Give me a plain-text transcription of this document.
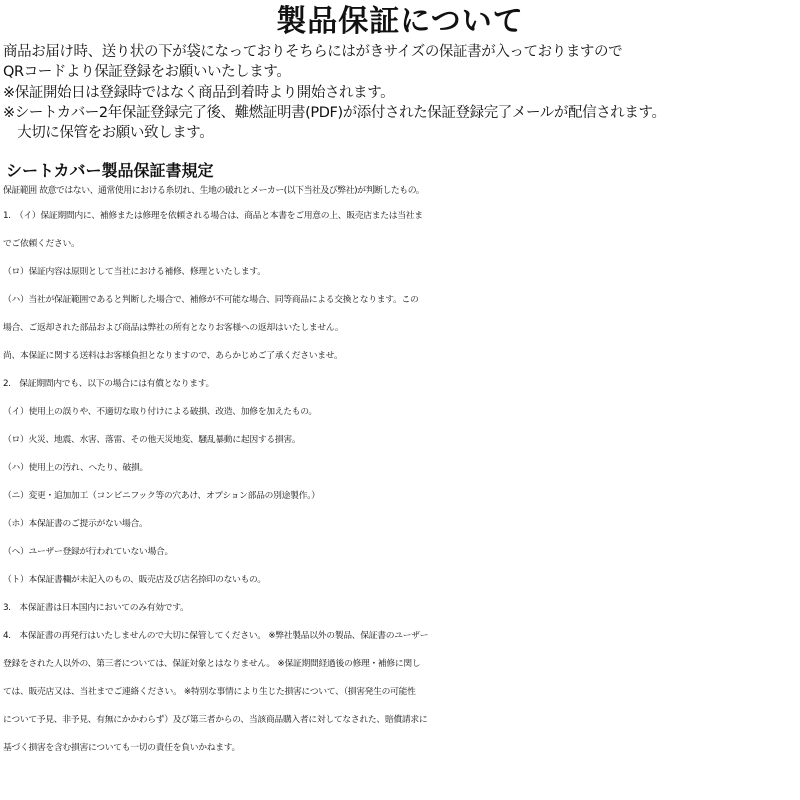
製品保証について
商品お届け時、送り状の下が袋になっておりそちらにはがきサイズの保証書が入っておりますので
QRコードより保証登録をお願いいたします。
※保証開始日は登録時ではなく商品到着時より開始されます。
※シートカバー2年保証登録完了後、難燃証明書(PDF)が添付された保証登録完了メールが配信されます。
　大切に保管をお願い致します。
シートカバー製品保証書規定
保証範囲 故意ではない、通常使用における糸切れ、生地の破れとメーカー(以下当社及び弊社)が判断したもの。
1.　（イ）保証期間内に、補修または修理を依頼される場合は、商品と本書をご用意の上、販売店または当社ま
でご依頼ください。
（ロ）保証内容は原則として当社における補修、修理といたします。
（ハ）当社が保証範囲であると判断した場合で、補修が不可能な場合、同等商品による交換となります。この
場合、ご返却された部品および商品は弊社の所有となりお客様への返却はいたしません。
尚、本保証に関する送料はお客様負担となりますので、あらかじめご了承くださいませ。
2.　保証期間内でも、以下の場合には有償となります。
（イ）使用上の誤りや、不適切な取り付けによる破損、改造、加修を加えたもの。
（ロ）火災、地震、水害、落雷、その他天災地変、騒乱暴動に起因する損害。
（ハ）使用上の汚れ、へたり、破損。
（ニ）変更・追加加工（コンビニフック等の穴あけ、オプション部品の別途製作。）
（ホ）本保証書のご提示がない場合。
（ヘ）ユーザー登録が行われていない場合。
（ト）本保証書欄が未記入のもの、販売店及び店名捺印のないもの。
3.　本保証書は日本国内においてのみ有効です。
4.　本保証書の再発行はいたしませんので大切に保管してください。 ※弊社製品以外の製品、保証書のユーザー
登録をされた人以外の、第三者については、保証対象とはなりません。 ※保証期間経過後の修理・補修に関し
ては、販売店又は、当社までご連絡ください。 ※特別な事情により生じた損害について、（損害発生の可能性
について予見、非予見、有無にかかわらず）及び第三者からの、当該商品購入者に対してなされた、賠償請求に
基づく損害を含む損害についても一切の責任を負いかねます。
